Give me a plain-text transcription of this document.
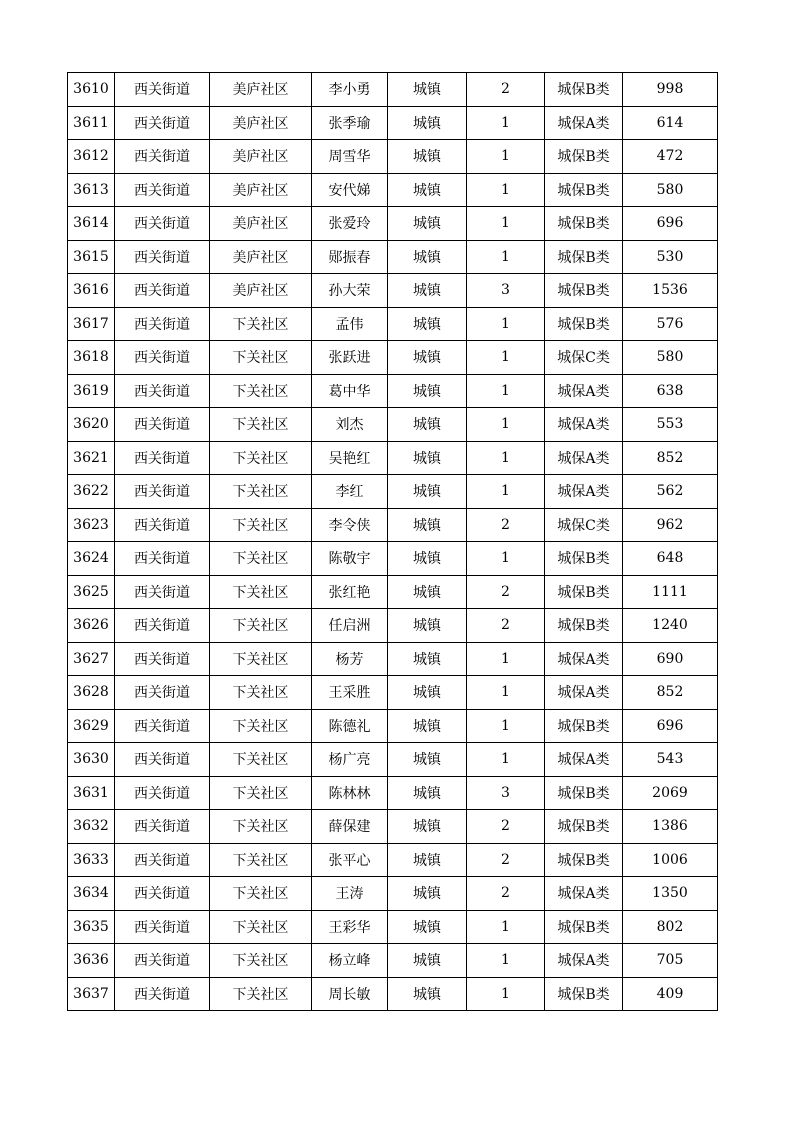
3610	西关街道	美庐社区	李小勇	城镇	2	城保B类	998
3611	西关街道	美庐社区	张季瑜	城镇	1	城保A类	614
3612	西关街道	美庐社区	周雪华	城镇	1	城保B类	472
3613	西关街道	美庐社区	安代娣	城镇	1	城保B类	580
3614	西关街道	美庐社区	张爱玲	城镇	1	城保B类	696
3615	西关街道	美庐社区	郧振春	城镇	1	城保B类	530
3616	西关街道	美庐社区	孙大荣	城镇	3	城保B类	1536
3617	西关街道	下关社区	孟伟	城镇	1	城保B类	576
3618	西关街道	下关社区	张跃进	城镇	1	城保C类	580
3619	西关街道	下关社区	葛中华	城镇	1	城保A类	638
3620	西关街道	下关社区	刘杰	城镇	1	城保A类	553
3621	西关街道	下关社区	吴艳红	城镇	1	城保A类	852
3622	西关街道	下关社区	李红	城镇	1	城保A类	562
3623	西关街道	下关社区	李令侠	城镇	2	城保C类	962
3624	西关街道	下关社区	陈敬宇	城镇	1	城保B类	648
3625	西关街道	下关社区	张红艳	城镇	2	城保B类	1111
3626	西关街道	下关社区	任启洲	城镇	2	城保B类	1240
3627	西关街道	下关社区	杨芳	城镇	1	城保A类	690
3628	西关街道	下关社区	王采胜	城镇	1	城保A类	852
3629	西关街道	下关社区	陈德礼	城镇	1	城保B类	696
3630	西关街道	下关社区	杨广亮	城镇	1	城保A类	543
3631	西关街道	下关社区	陈林林	城镇	3	城保B类	2069
3632	西关街道	下关社区	薛保建	城镇	2	城保B类	1386
3633	西关街道	下关社区	张平心	城镇	2	城保B类	1006
3634	西关街道	下关社区	王涛	城镇	2	城保A类	1350
3635	西关街道	下关社区	王彩华	城镇	1	城保B类	802
3636	西关街道	下关社区	杨立峰	城镇	1	城保A类	705
3637	西关街道	下关社区	周长敏	城镇	1	城保B类	409
